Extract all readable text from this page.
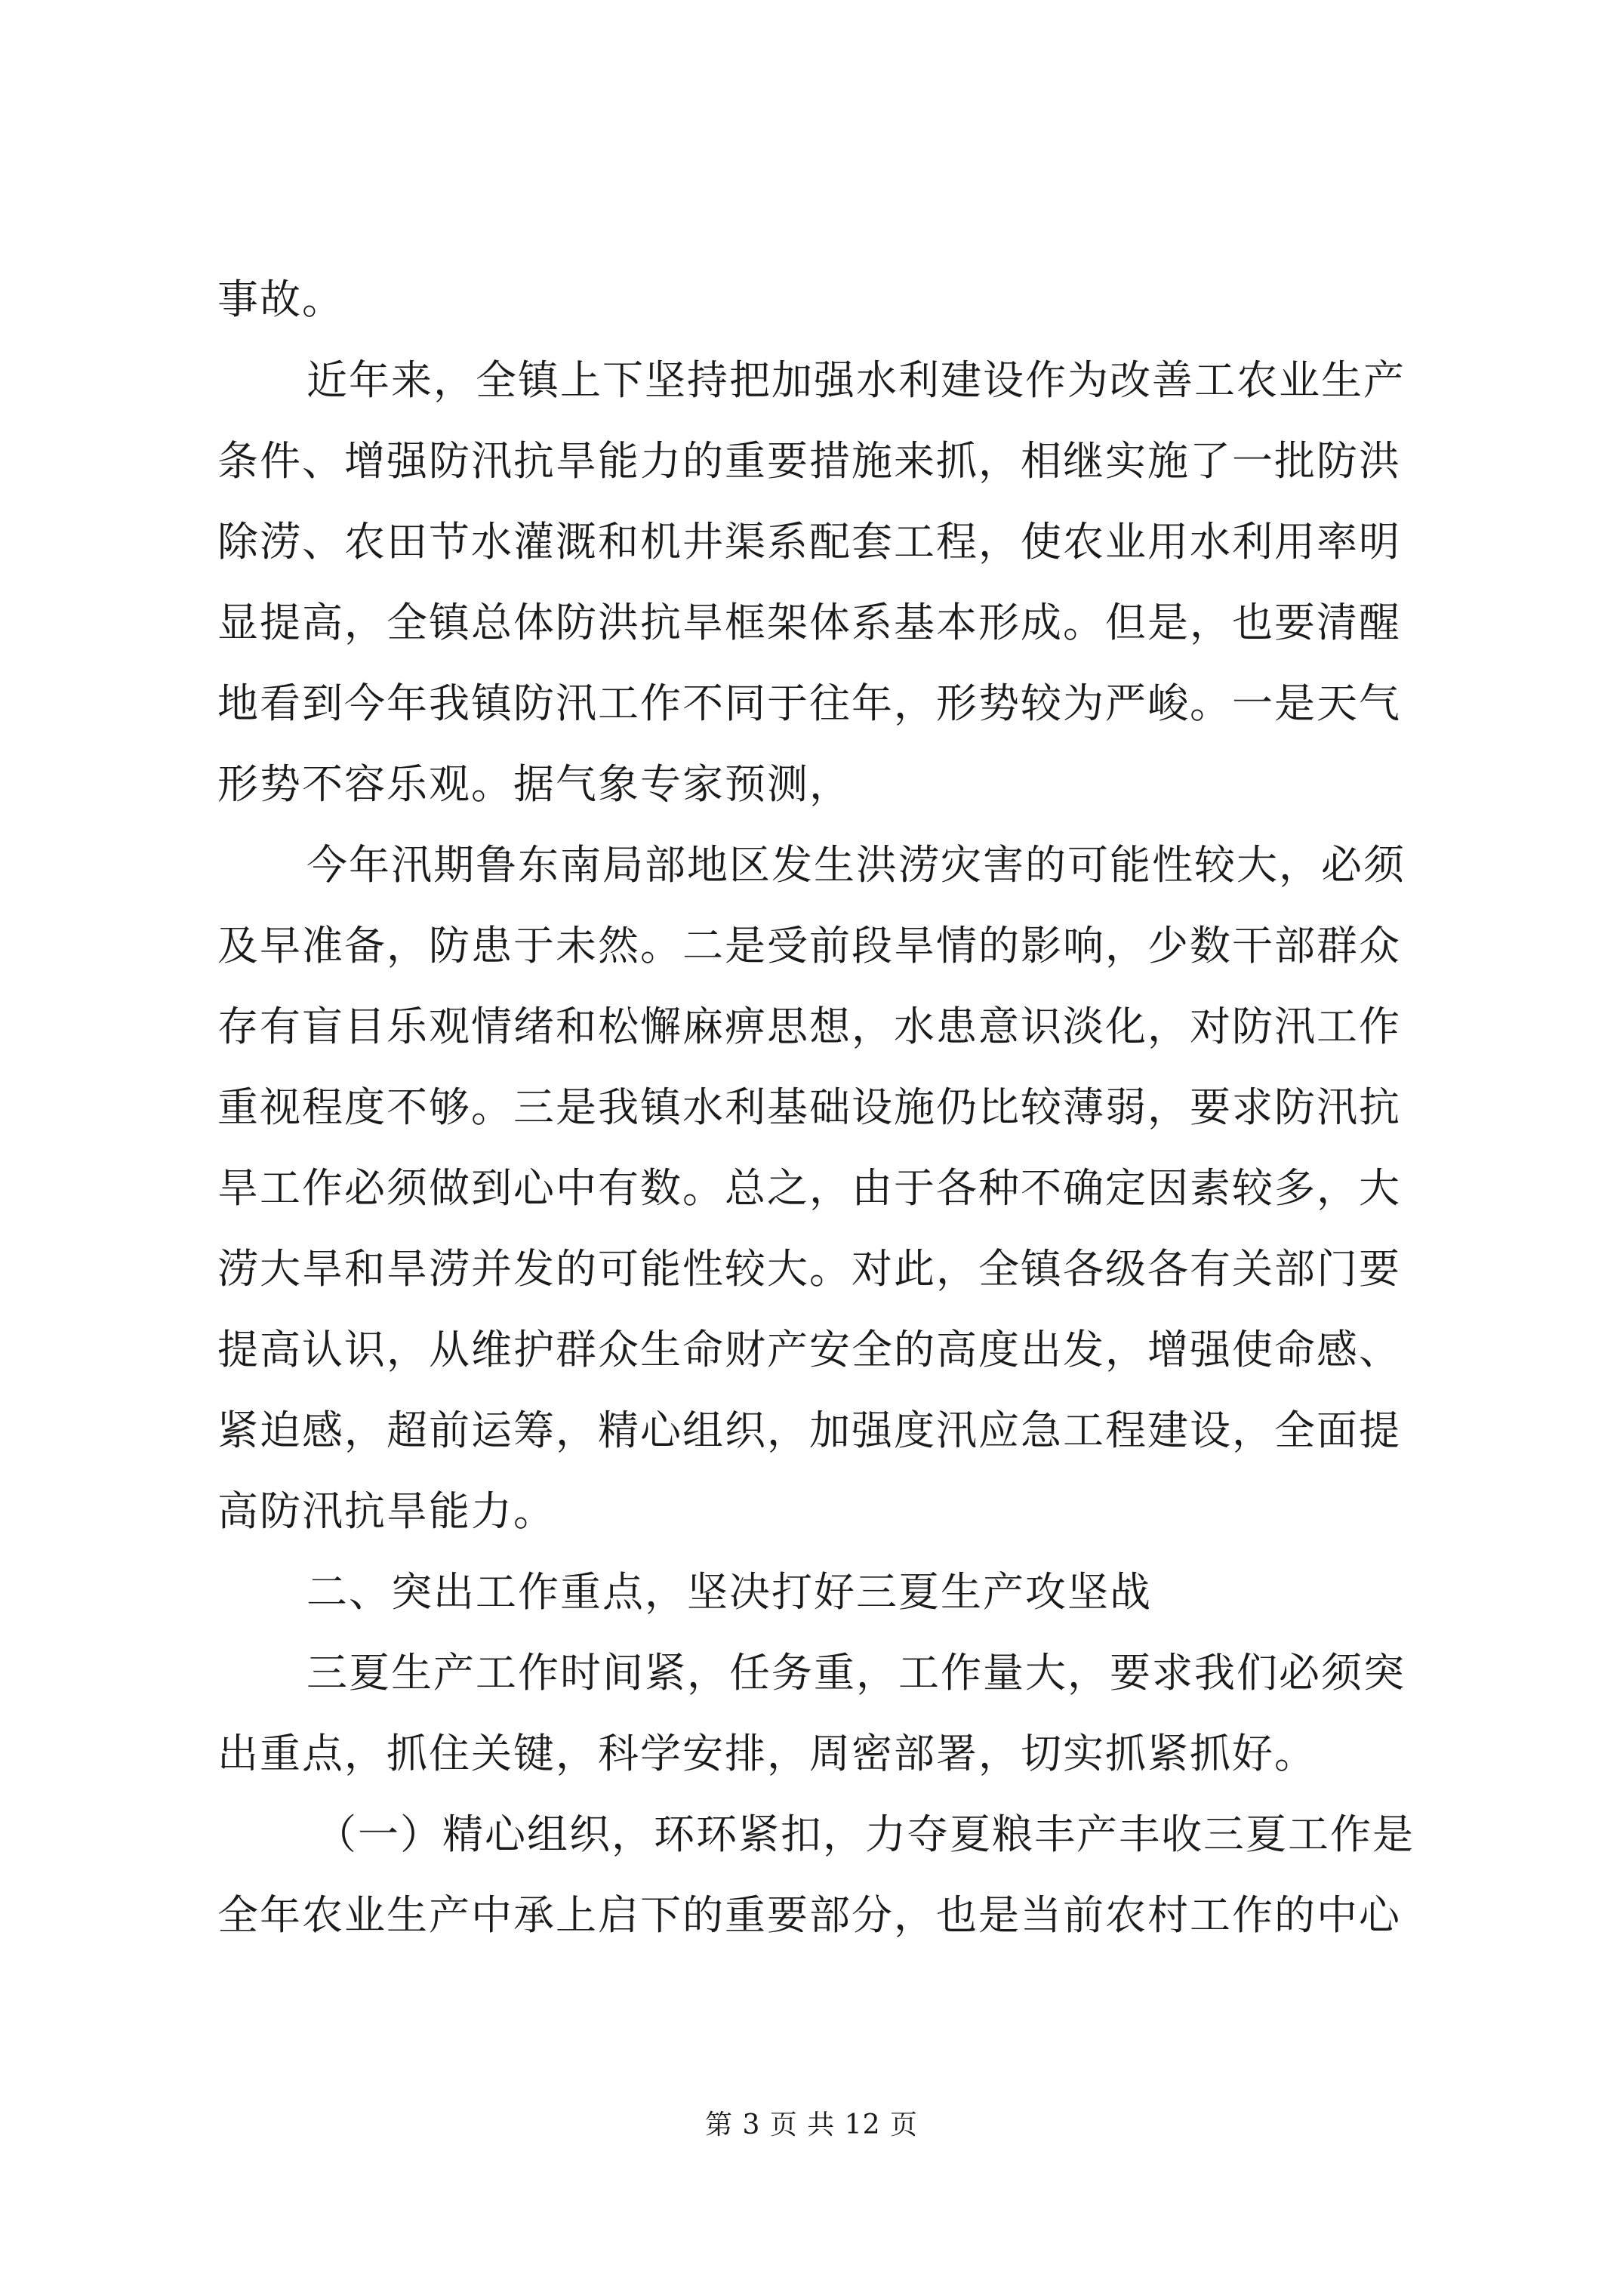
事故。
近年来，全镇上下坚持把加强水利建设作为改善工农业生产
条件、增强防汛抗旱能力的重要措施来抓，相继实施了一批防洪
除涝、农田节水灌溉和机井渠系配套工程，使农业用水利用率明
显提高，全镇总体防洪抗旱框架体系基本形成。但是，也要清醒
地看到今年我镇防汛工作不同于往年，形势较为严峻。一是天气
形势不容乐观。据气象专家预测，
今年汛期鲁东南局部地区发生洪涝灾害的可能性较大，必须
及早准备，防患于未然。二是受前段旱情的影响，少数干部群众
存有盲目乐观情绪和松懈麻痹思想，水患意识淡化，对防汛工作
重视程度不够。三是我镇水利基础设施仍比较薄弱，要求防汛抗
旱工作必须做到心中有数。总之，由于各种不确定因素较多，大
涝大旱和旱涝并发的可能性较大。对此，全镇各级各有关部门要
提高认识，从维护群众生命财产安全的高度出发，增强使命感、
紧迫感，超前运筹，精心组织，加强度汛应急工程建设，全面提
高防汛抗旱能力。
二、突出工作重点，坚决打好三夏生产攻坚战
三夏生产工作时间紧，任务重，工作量大，要求我们必须突
出重点，抓住关键，科学安排，周密部署，切实抓紧抓好。
（一）精心组织，环环紧扣，力夺夏粮丰产丰收三夏工作是
全年农业生产中承上启下的重要部分，也是当前农村工作的中心
第 3 页 共 12 页
